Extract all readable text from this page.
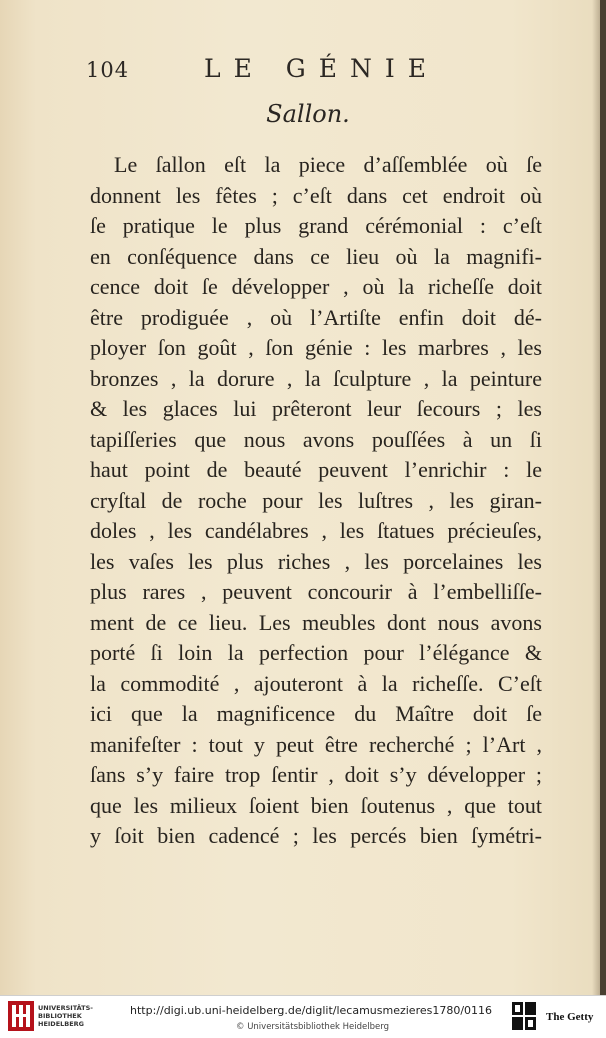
104	LE GÉNIE
Sallon.
Le ſallon eſt la piece d’aſſemblée où ſe
donnent les fêtes ; c’eſt dans cet endroit où
ſe pratique le plus grand cérémonial : c’eſt
en conſéquence dans ce lieu où la magnifi-
cence doit ſe développer , où la richeſſe doit
être prodiguée , où l’Artiſte enfin doit dé-
ployer ſon goût , ſon génie : les marbres , les
bronzes , la dorure , la ſculpture , la peinture
& les glaces lui prêteront leur ſecours ; les
tapiſſeries que nous avons pouſſées à un ſi
haut point de beauté peuvent l’enrichir : le
cryſtal de roche pour les luſtres , les giran-
doles , les candélabres , les ſtatues précieuſes,
les vaſes les plus riches , les porcelaines les
plus rares , peuvent concourir à l’embelliſſe-
ment de ce lieu. Les meubles dont nous avons
porté ſi loin la perfection pour l’élégance &
la commodité , ajouteront à la richeſſe. C’eſt
ici que la magnificence du Maître doit ſe
manifeſter : tout y peut être recherché ; l’Art ,
ſans s’y faire trop ſentir , doit s’y développer ;
que les milieux ſoient bien ſoutenus , que tout
y ſoit bien cadencé ; les percés bien ſymétri-
UNIVERSITÄTS-
BIBLIOTHEK
HEIDELBERG
http://digi.ub.uni-heidelberg.de/diglit/lecamusmezieres1780/0116
© Universitätsbibliothek Heidelberg
The Getty
